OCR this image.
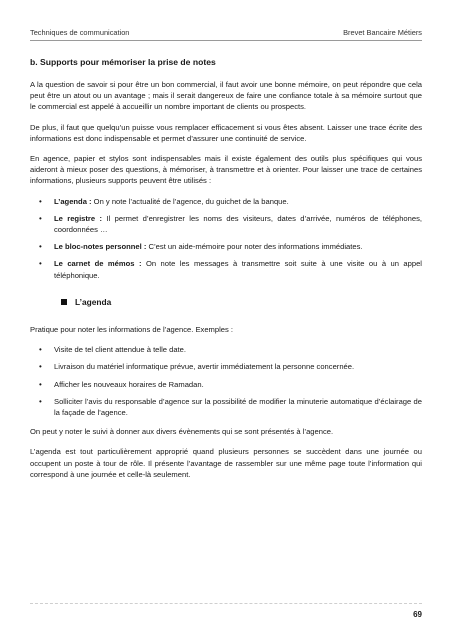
Techniques de communication	Brevet Bancaire Métiers
b. Supports pour mémoriser la prise de notes

A la question de savoir si pour être un bon commercial, il faut avoir une bonne mémoire, on peut répondre que cela peut être un atout ou un avantage ; mais il serait dangereux de faire une confiance totale à sa mémoire surtout que le commercial est appelé à accueillir un nombre important de clients ou prospects.

De plus, il faut que quelqu’un puisse vous remplacer efficacement si vous êtes absent. Laisser une trace écrite des informations est donc indispensable et permet d’assurer une continuité de service.

En agence, papier et stylos sont indispensables mais il existe également des outils plus spécifiques qui vous aideront à mieux poser des questions, à mémoriser, à transmettre et à orienter. Pour laisser une trace de certaines informations, plusieurs supports peuvent être utilisés :

• L’agenda : On y note l’actualité de l’agence, du guichet de la banque.
• Le registre : Il permet d’enregistrer les noms des visiteurs, dates d’arrivée, numéros de téléphones, coordonnées …
• Le bloc-notes personnel : C’est un aide-mémoire pour noter des informations immédiates.
• Le carnet de mémos : On note les messages à transmettre soit suite à une visite ou à un appel téléphonique.
L’agenda

Pratique pour noter les informations de l’agence. Exemples :

• Visite de tel client attendue à telle date.
• Livraison du matériel informatique prévue, avertir immédiatement la personne concernée.
• Afficher les nouveaux horaires de Ramadan.
• Solliciter l’avis du responsable d’agence sur la possibilité de modifier la minuterie automatique d’éclairage de la façade de l’agence.

On peut y noter le suivi à donner aux divers évènements qui se sont présentés à l’agence.

L’agenda est tout particulièrement approprié quand plusieurs personnes se succèdent dans une journée ou occupent un poste à tour de rôle. Il présente l’avantage de rassembler sur une même page toute l’information qui correspond à une journée et celle-là seulement.

69
